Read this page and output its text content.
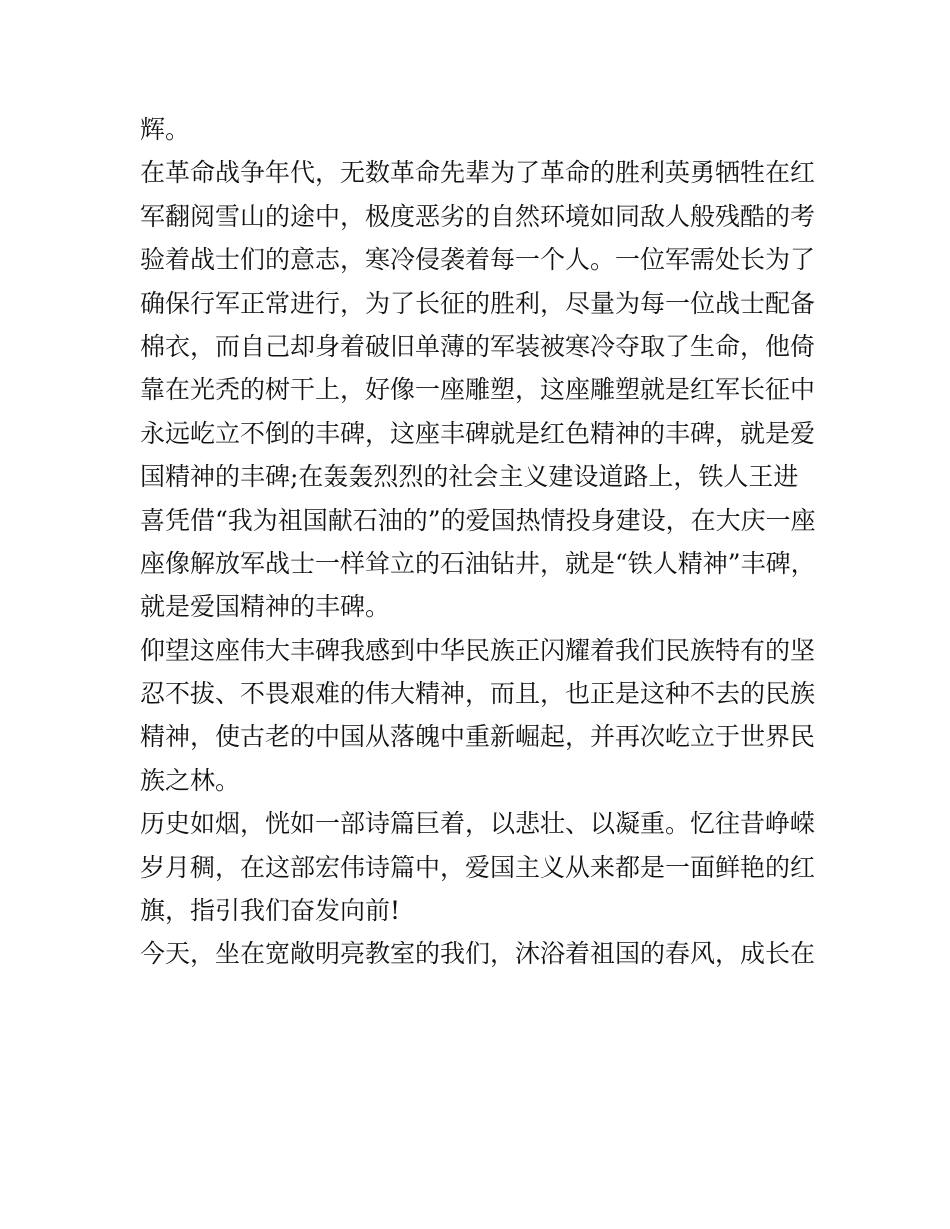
辉。
在革命战争年代，无数革命先辈为了革命的胜利英勇牺牲在红
军翻阅雪山的途中，极度恶劣的自然环境如同敌人般残酷的考
验着战士们的意志，寒冷侵袭着每一个人。一位军需处长为了
确保行军正常进行，为了长征的胜利，尽量为每一位战士配备
棉衣，而自己却身着破旧单薄的军装被寒冷夺取了生命，他倚
靠在光秃的树干上，好像一座雕塑，这座雕塑就是红军长征中
永远屹立不倒的丰碑，这座丰碑就是红色精神的丰碑，就是爱
国精神的丰碑;在轰轰烈烈的社会主义建设道路上，铁人王进
喜凭借“我为祖国献石油的”的爱国热情投身建设，在大庆一座
座像解放军战士一样耸立的石油钻井，就是“铁人精神”丰碑，
就是爱国精神的丰碑。
仰望这座伟大丰碑我感到中华民族正闪耀着我们民族特有的坚
忍不拔、不畏艰难的伟大精神，而且，也正是这种不去的民族
精神，使古老的中国从落魄中重新崛起，并再次屹立于世界民
族之林。
历史如烟，恍如一部诗篇巨着，以悲壮、以凝重。忆往昔峥嵘
岁月稠，在这部宏伟诗篇中，爱国主义从来都是一面鲜艳的红
旗，指引我们奋发向前!
今天，坐在宽敞明亮教室的我们，沐浴着祖国的春风，成长在
